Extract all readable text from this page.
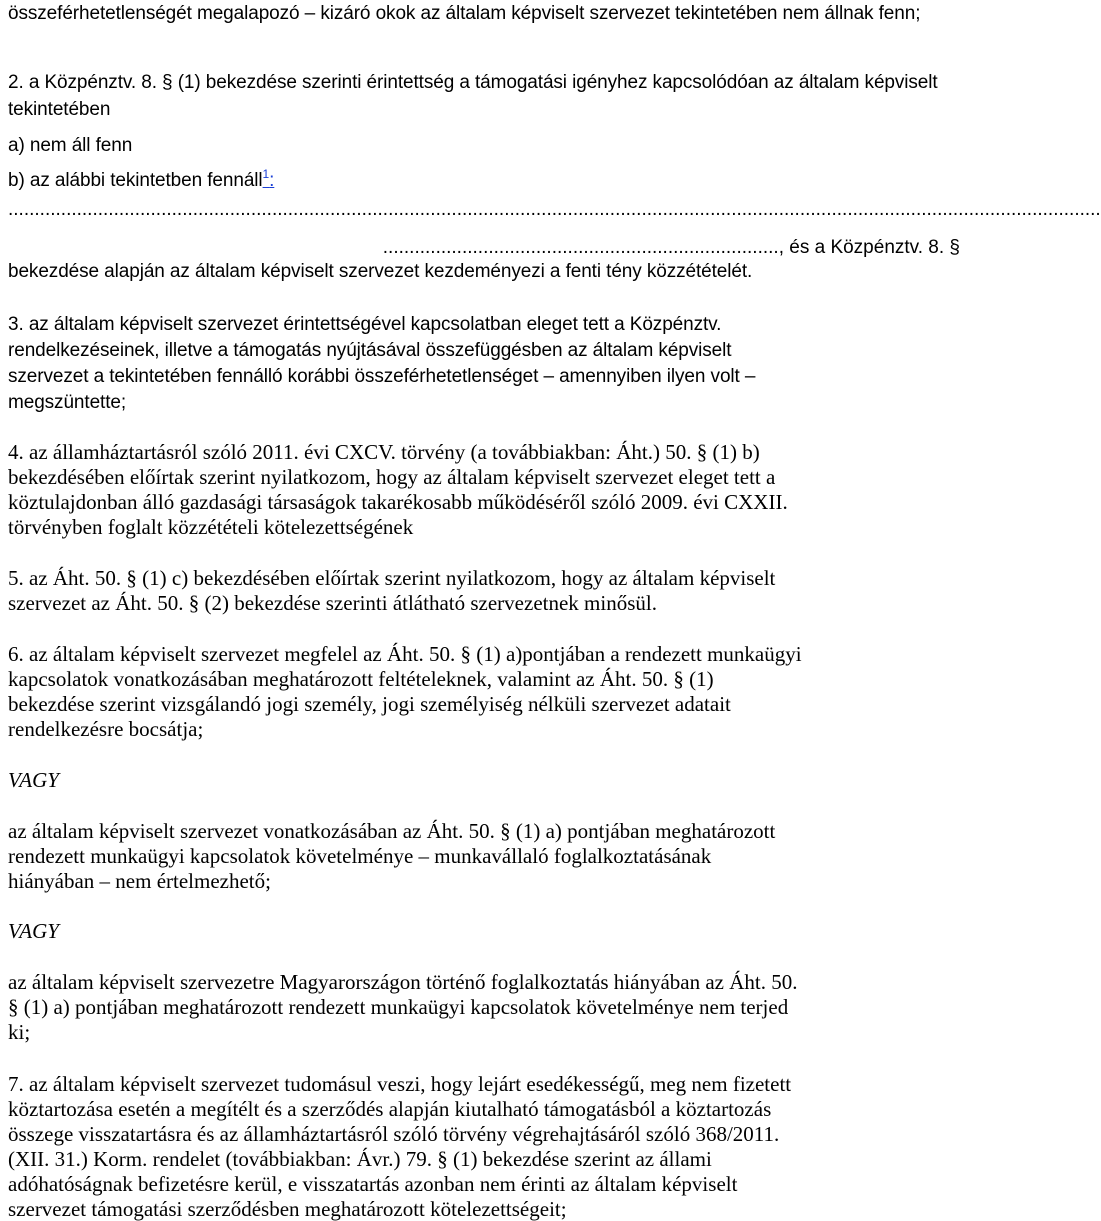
összeférhetetlenségét megalapozó – kizáró okok az általam képviselt szervezet tekintetében nem állnak fenn;
2. a Közpénztv. 8. § (1) bekezdése szerinti érintettség a támogatási igényhez kapcsolódóan az általam képviselt
tekintetében
a) nem áll fenn
b) az alábbi tekintetben fennáll$^1$:
...............................................................................................................................................................................................................
..........................................................................., és a Közpénztv. 8. §
bekezdése alapján az általam képviselt szervezet kezdeményezi a fenti tény közzétételét.
3. az általam képviselt szervezet érintettségével kapcsolatban eleget tett a Közpénztv.
rendelkezéseinek, illetve a támogatás nyújtásával összefüggésben az általam képviselt
szervezet a tekintetében fennálló korábbi összeférhetetlenséget – amennyiben ilyen volt –
megszüntette;
4. az államháztartásról szóló 2011. évi CXCV. törvény (a továbbiakban: Áht.) 50. § (1) b)
bekezdésében előírtak szerint nyilatkozom, hogy az általam képviselt szervezet eleget tett a
köztulajdonban álló gazdasági társaságok takarékosabb működéséről szóló 2009. évi CXXII.
törvényben foglalt közzétételi kötelezettségének
5. az Áht. 50. § (1) c) bekezdésében előírtak szerint nyilatkozom, hogy az általam képviselt
szervezet az Áht. 50. § (2) bekezdése szerinti átlátható szervezetnek minősül.
6. az általam képviselt szervezet megfelel az Áht. 50. § (1) a)pontjában a rendezett munkaügyi
kapcsolatok vonatkozásában meghatározott feltételeknek, valamint az Áht. 50. § (1)
bekezdése szerint vizsgálandó jogi személy, jogi személyiség nélküli szervezet adatait
rendelkezésre bocsátja;
VAGY
az általam képviselt szervezet vonatkozásában az Áht. 50. § (1) a) pontjában meghatározott
rendezett munkaügyi kapcsolatok követelménye – munkavállaló foglalkoztatásának
hiányában – nem értelmezhető;
VAGY
az általam képviselt szervezetre Magyarországon történő foglalkoztatás hiányában az Áht. 50.
§ (1) a) pontjában meghatározott rendezett munkaügyi kapcsolatok követelménye nem terjed
ki;
7. az általam képviselt szervezet tudomásul veszi, hogy lejárt esedékességű, meg nem fizetett
köztartozása esetén a megítélt és a szerződés alapján kiutalható támogatásból a köztartozás
összege visszatartásra és az államháztartásról szóló törvény végrehajtásáról szóló 368/2011.
(XII. 31.) Korm. rendelet (továbbiakban: Ávr.) 79. § (1) bekezdése szerint az állami
adóhatóságnak befizetésre kerül, e visszatartás azonban nem érinti az általam képviselt
szervezet támogatási szerződésben meghatározott kötelezettségeit;
